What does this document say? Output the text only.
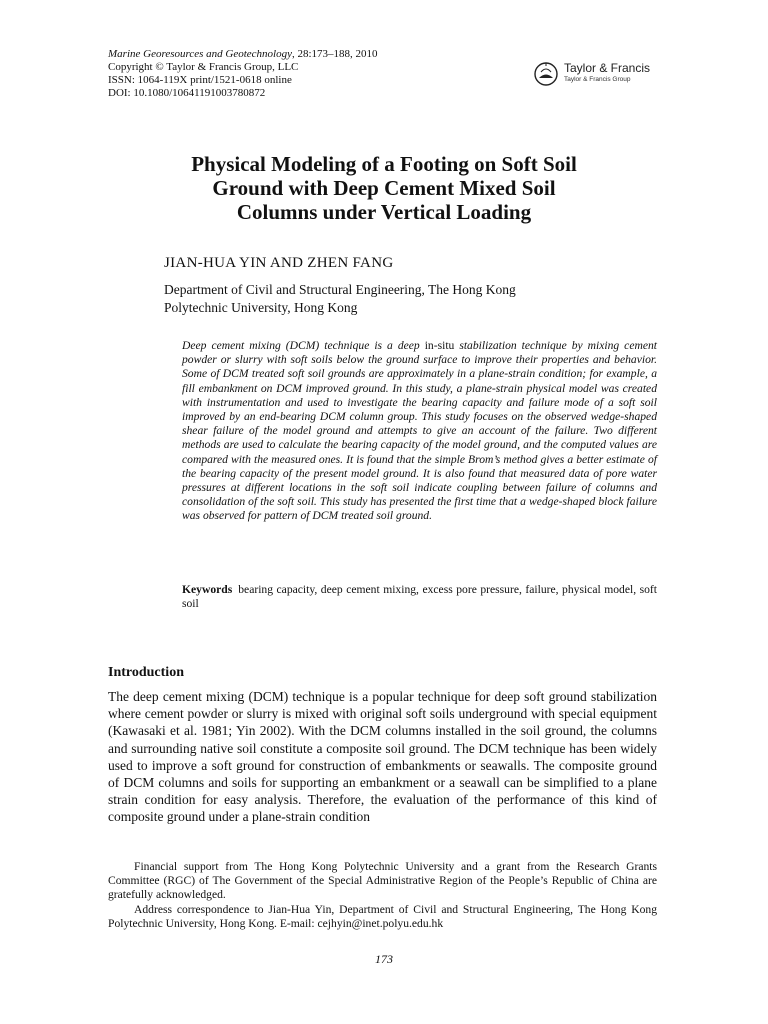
Marine Georesources and Geotechnology, 28:173–188, 2010
Copyright © Taylor & Francis Group, LLC
ISSN: 1064-119X print/1521-0618 online
DOI: 10.1080/10641191003780872
Taylor & Francis
Taylor & Francis Group
Physical Modeling of a Footing on Soft Soil
Ground with Deep Cement Mixed Soil
Columns under Vertical Loading
JIAN-HUA YIN AND ZHEN FANG
Department of Civil and Structural Engineering, The Hong Kong
Polytechnic University, Hong Kong
Deep cement mixing (DCM) technique is a deep in-situ stabilization technique by mixing cement powder or slurry with soft soils below the ground surface to improve their properties and behavior. Some of DCM treated soft soil grounds are approximately in a plane-strain condition; for example, a fill embankment on DCM improved ground. In this study, a plane-strain physical model was created with instrumentation and used to investigate the bearing capacity and failure mode of a soft soil improved by an end-bearing DCM column group. This study focuses on the observed wedge-shaped shear failure of the model ground and attempts to give an account of the failure. Two different methods are used to calculate the bearing capacity of the model ground, and the computed values are compared with the measured ones. It is found that the simple Brom’s method gives a better estimate of the bearing capacity of the present model ground. It is also found that measured data of pore water pressures at different locations in the soft soil indicate coupling between failure of columns and consolidation of the soft soil. This study has presented the first time that a wedge-shaped block failure was observed for pattern of DCM treated soil ground.
Keywords bearing capacity, deep cement mixing, excess pore pressure, failure, physical model, soft soil
Introduction
The deep cement mixing (DCM) technique is a popular technique for deep soft ground stabilization where cement powder or slurry is mixed with original soft soils underground with special equipment (Kawasaki et al. 1981; Yin 2002). With the DCM columns installed in the soil ground, the columns and surrounding native soil constitute a composite soil ground. The DCM technique has been widely used to improve a soft ground for construction of embankments or seawalls. The composite ground of DCM columns and soils for supporting an embankment or a seawall can be simplified to a plane strain condition for easy analysis. Therefore, the evaluation of the performance of this kind of composite ground under a plane-strain condition

Financial support from The Hong Kong Polytechnic University and a grant from the Research Grants Committee (RGC) of The Government of the Special Administrative Region of the People’s Republic of China are gratefully acknowledged.

Address correspondence to Jian-Hua Yin, Department of Civil and Structural Engineering, The Hong Kong Polytechnic University, Hong Kong. E-mail: cejhyin@inet.polyu.edu.hk

173
